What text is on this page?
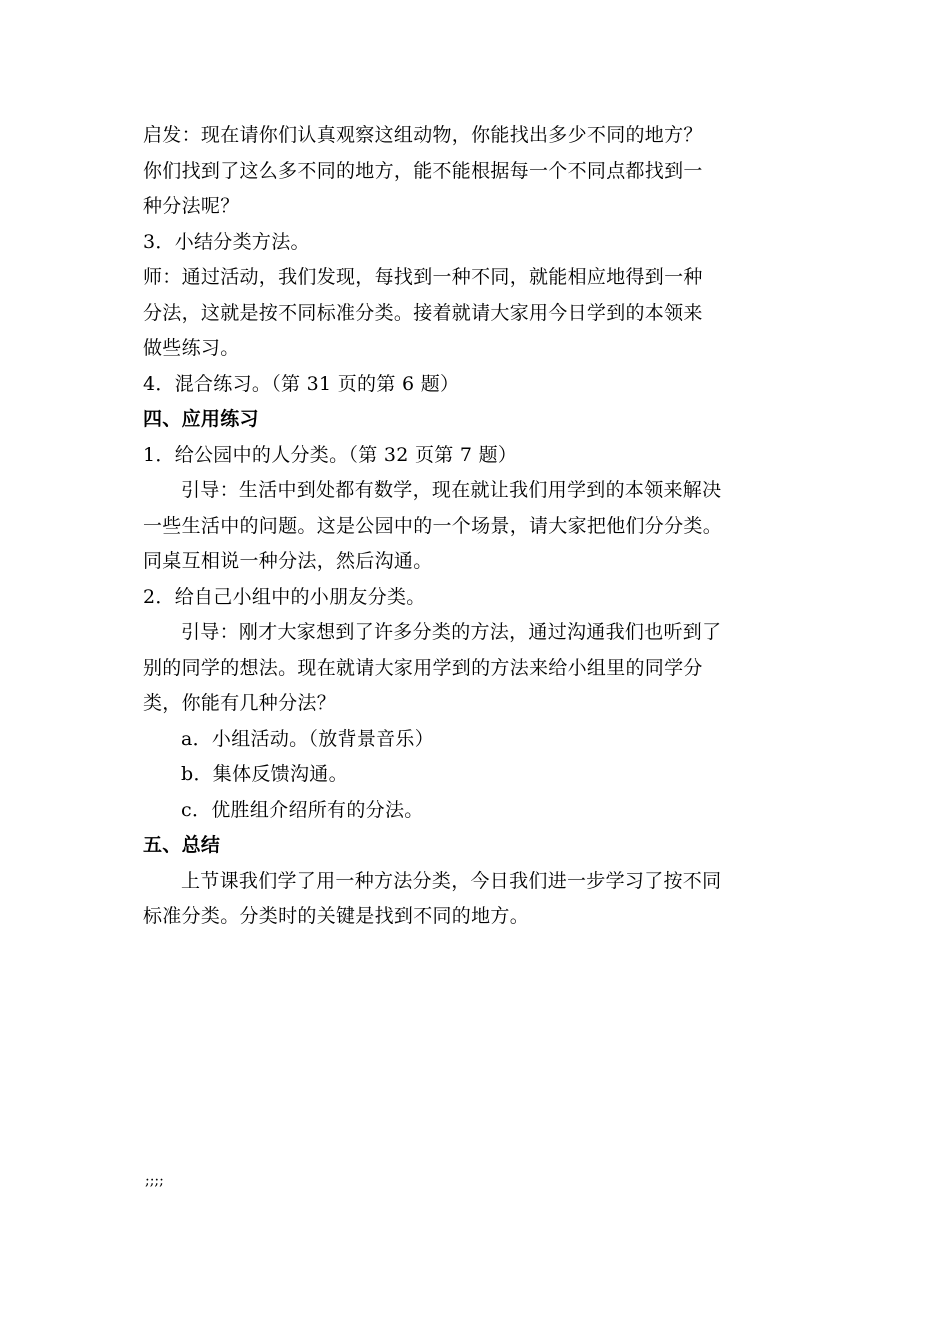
启发：现在请你们认真观察这组动物，你能找出多少不同的地方？
你们找到了这么多不同的地方，能不能根据每一个不同点都找到一
种分法呢？
3．小结分类方法。
师：通过活动，我们发现，每找到一种不同，就能相应地得到一种
分法，这就是按不同标准分类。接着就请大家用今日学到的本领来
做些练习。
4．混合练习。（第 31 页的第 6 题）
四、应用练习
1．给公园中的人分类。（第 32 页第 7 题）
引导：生活中到处都有数学，现在就让我们用学到的本领来解决
一些生活中的问题。这是公园中的一个场景，请大家把他们分分类。
同桌互相说一种分法，然后沟通。
2．给自己小组中的小朋友分类。
引导：刚才大家想到了许多分类的方法，通过沟通我们也听到了
别的同学的想法。现在就请大家用学到的方法来给小组里的同学分
类，你能有几种分法？
a．小组活动。（放背景音乐）
b．集体反馈沟通。
c．优胜组介绍所有的分法。
五、总结
上节课我们学了用一种方法分类，今日我们进一步学习了按不同
标准分类。分类时的关键是找到不同的地方。
;;;;
